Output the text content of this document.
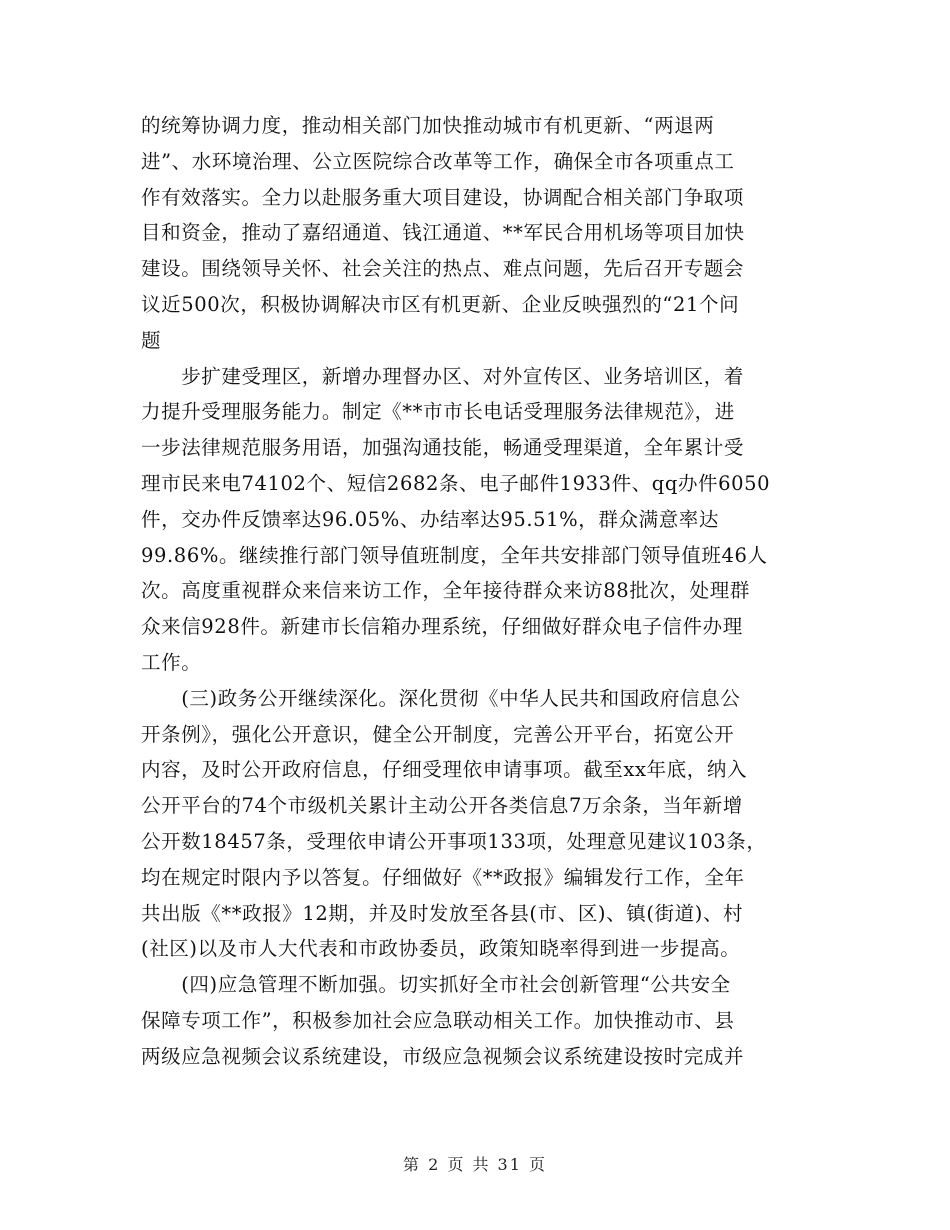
的统筹协调力度，推动相关部门加快推动城市有机更新、“两退两
进”、水环境治理、公立医院综合改革等工作，确保全市各项重点工
作有效落实。全力以赴服务重大项目建设，协调配合相关部门争取项
目和资金，推动了嘉绍通道、钱江通道、**军民合用机场等项目加快
建设。围绕领导关怀、社会关注的热点、难点问题，先后召开专题会
议近500次，积极协调解决市区有机更新、企业反映强烈的“21个问
题
　　步扩建受理区，新增办理督办区、对外宣传区、业务培训区，着
力提升受理服务能力。制定《**市市长电话受理服务法律规范》，进
一步法律规范服务用语，加强沟通技能，畅通受理渠道，全年累计受
理市民来电74102个、短信2682条、电子邮件1933件、qq办件6050
件，交办件反馈率达96.05%、办结率达95.51%，群众满意率达
99.86%。继续推行部门领导值班制度，全年共安排部门领导值班46人
次。高度重视群众来信来访工作，全年接待群众来访88批次，处理群
众来信928件。新建市长信箱办理系统，仔细做好群众电子信件办理
工作。
　　(三)政务公开继续深化。深化贯彻《中华人民共和国政府信息公
开条例》，强化公开意识，健全公开制度，完善公开平台，拓宽公开
内容，及时公开政府信息，仔细受理依申请事项。截至xx年底，纳入
公开平台的74个市级机关累计主动公开各类信息7万余条，当年新增
公开数18457条，受理依申请公开事项133项，处理意见建议103条，
均在规定时限内予以答复。仔细做好《**政报》编辑发行工作，全年
共出版《**政报》12期，并及时发放至各县(市、区)、镇(街道)、村
(社区)以及市人大代表和市政协委员，政策知晓率得到进一步提高。
　　(四)应急管理不断加强。切实抓好全市社会创新管理“公共安全
保障专项工作”，积极参加社会应急联动相关工作。加快推动市、县
两级应急视频会议系统建设，市级应急视频会议系统建设按时完成并
第 2 页 共 31 页
